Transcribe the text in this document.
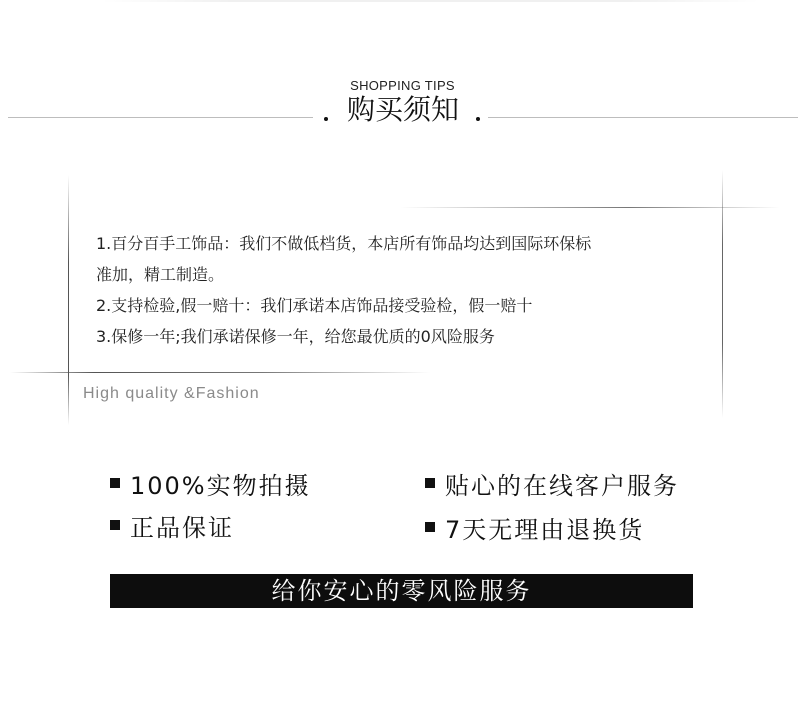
SHOPPING TIPS
购买须知
1.百分百手工饰品：我们不做低档货，本店所有饰品均达到国际环保标
准加，精工制造。
2.支持检验,假一赔十：我们承诺本店饰品接受验检，假一赔十
3.保修一年;我们承诺保修一年，给您最优质的0风险服务
High quality &Fashion
100%实物拍摄
正品保证
贴心的在线客户服务
7天无理由退换货
给你安心的零风险服务
